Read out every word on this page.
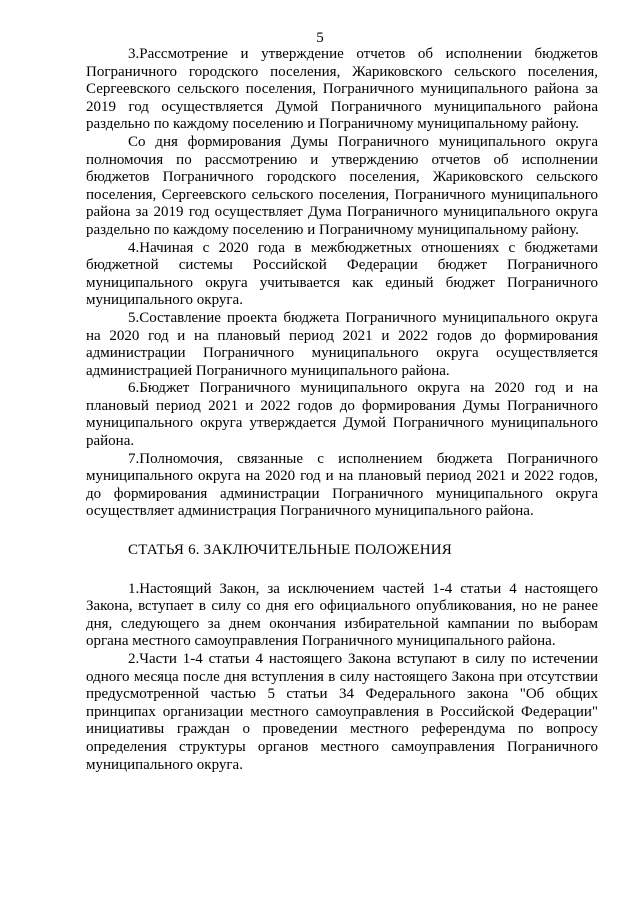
5

3.Рассмотрение и утверждение отчетов об исполнении бюджетов Пограничного городского поселения, Жариковского сельского поселения, Сергеевского сельского поселения, Пограничного муниципального района за 2019 год осуществляется Думой Пограничного муниципального района раздельно по каждому поселению и Пограничному муниципальному району.

Со дня формирования Думы Пограничного муниципального округа полномочия по рассмотрению и утверждению отчетов об исполнении бюджетов Пограничного городского поселения, Жариковского сельского поселения, Сергеевского сельского поселения, Пограничного муниципального района за 2019 год осуществляет Дума Пограничного муниципального округа раздельно по каждому поселению и Пограничному муниципальному району.

4.Начиная с 2020 года в межбюджетных отношениях с бюджетами бюджетной системы Российской Федерации бюджет Пограничного муниципального округа учитывается как единый бюджет Пограничного муниципального округа.

5.Составление проекта бюджета Пограничного муниципального округа на 2020 год и на плановый период 2021 и 2022 годов до формирования администрации Пограничного муниципального округа осуществляется администрацией Пограничного муниципального района.

6.Бюджет Пограничного муниципального округа на 2020 год и на плановый период 2021 и 2022 годов до формирования Думы Пограничного муниципального округа утверждается Думой Пограничного муниципального района.

7.Полномочия, связанные с исполнением бюджета Пограничного муниципального округа на 2020 год и на плановый период 2021 и 2022 годов, до формирования администрации Пограничного муниципального округа осуществляет администрация Пограничного муниципального района.

СТАТЬЯ 6. ЗАКЛЮЧИТЕЛЬНЫЕ ПОЛОЖЕНИЯ

1.Настоящий Закон, за исключением частей 1-4 статьи 4 настоящего Закона, вступает в силу со дня его официального опубликования, но не ранее дня, следующего за днем окончания избирательной кампании по выборам органа местного самоуправления Пограничного муниципального района.

2.Части 1-4 статьи 4 настоящего Закона вступают в силу по истечении одного месяца после дня вступления в силу настоящего Закона при отсутствии предусмотренной частью 5 статьи 34 Федерального закона "Об общих принципах организации местного самоуправления в Российской Федерации" инициативы граждан о проведении местного референдума по вопросу определения структуры органов местного самоуправления Пограничного муниципального округа.
